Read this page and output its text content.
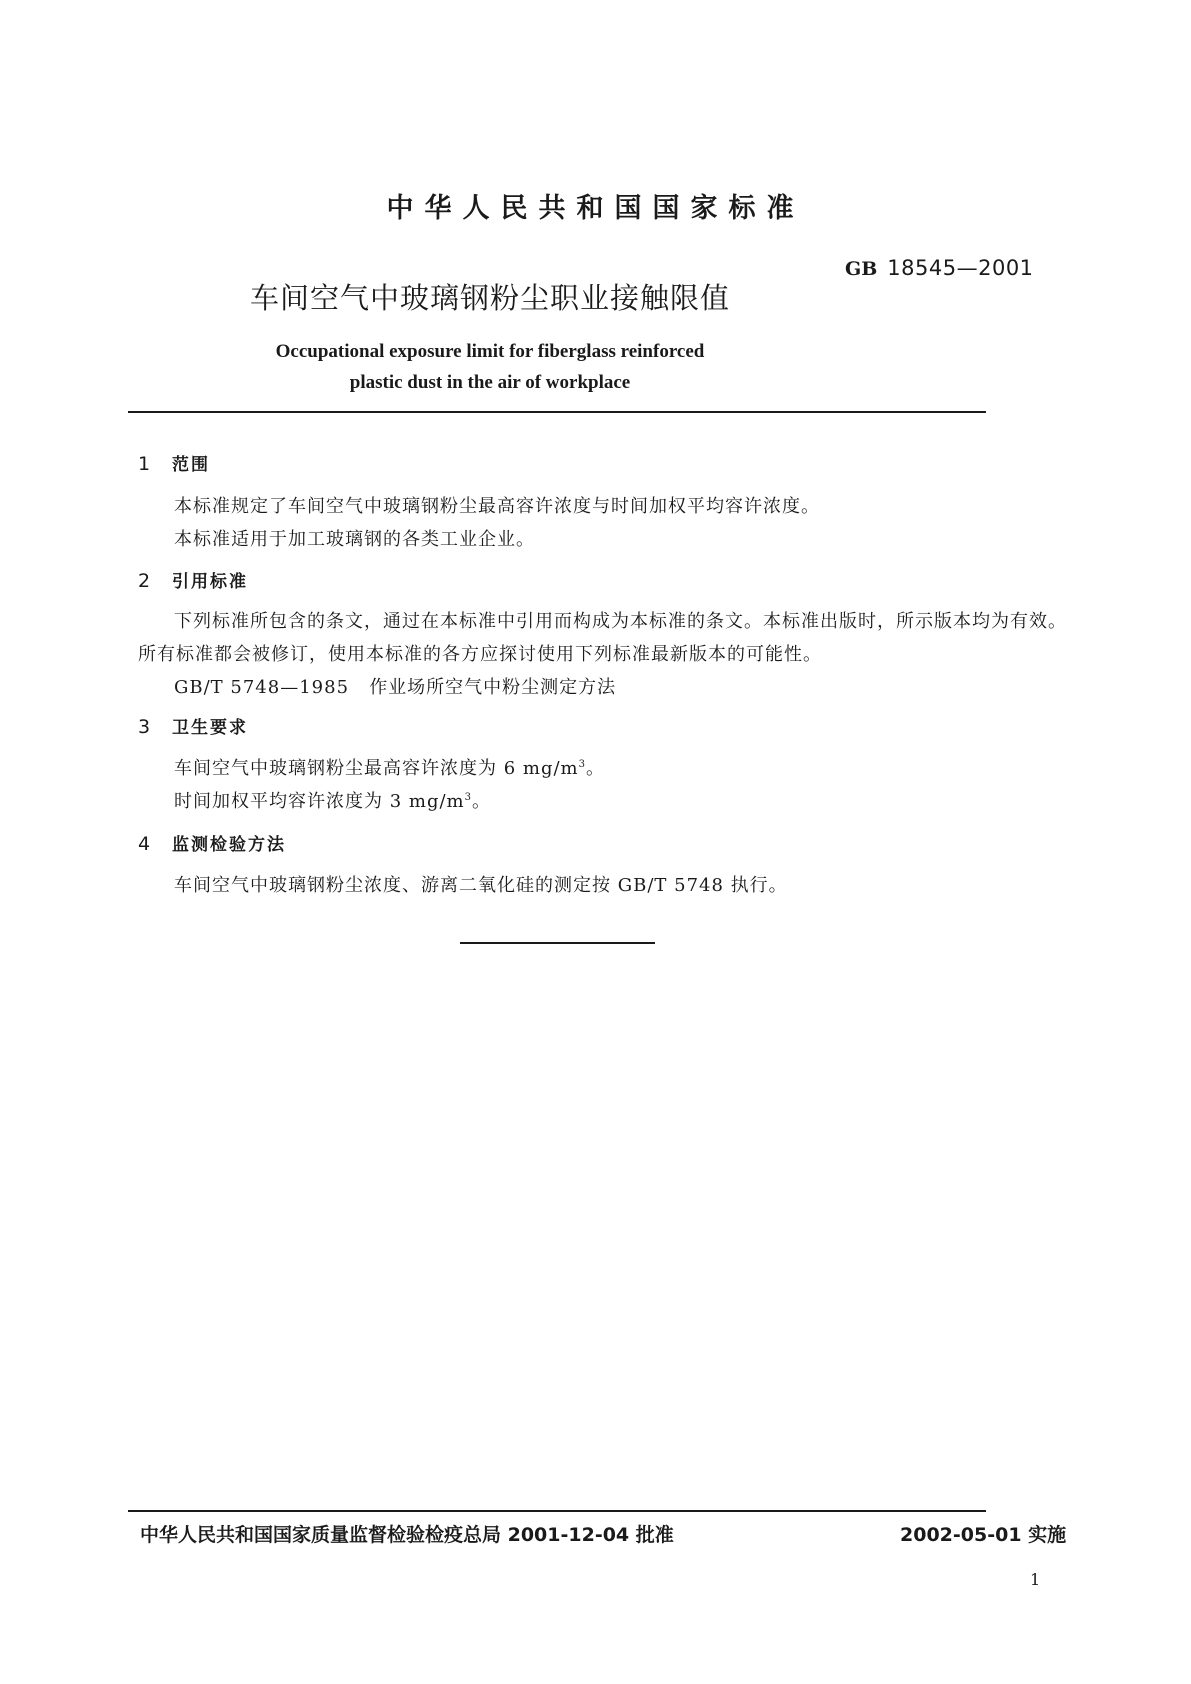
中华人民共和国国家标准
GB 18545—2001
车间空气中玻璃钢粉尘职业接触限值
Occupational exposure limit for fiberglass reinforced
plastic dust in the air of workplace
1 范围
本标准规定了车间空气中玻璃钢粉尘最高容许浓度与时间加权平均容许浓度。
本标准适用于加工玻璃钢的各类工业企业。
2 引用标准
下列标准所包含的条文，通过在本标准中引用而构成为本标准的条文。本标准出版时，所示版本均为有效。所有标准都会被修订，使用本标准的各方应探讨使用下列标准最新版本的可能性。
GB/T 5748—1985 作业场所空气中粉尘测定方法
3 卫生要求
车间空气中玻璃钢粉尘最高容许浓度为 6 $mg/m^3$。
时间加权平均容许浓度为 3 $mg/m^3$。
4 监测检验方法
车间空气中玻璃钢粉尘浓度、游离二氧化硅的测定按 GB/T 5748 执行。
中华人民共和国国家质量监督检验检疫总局 2001-12-04 批准	2002-05-01 实施
1
